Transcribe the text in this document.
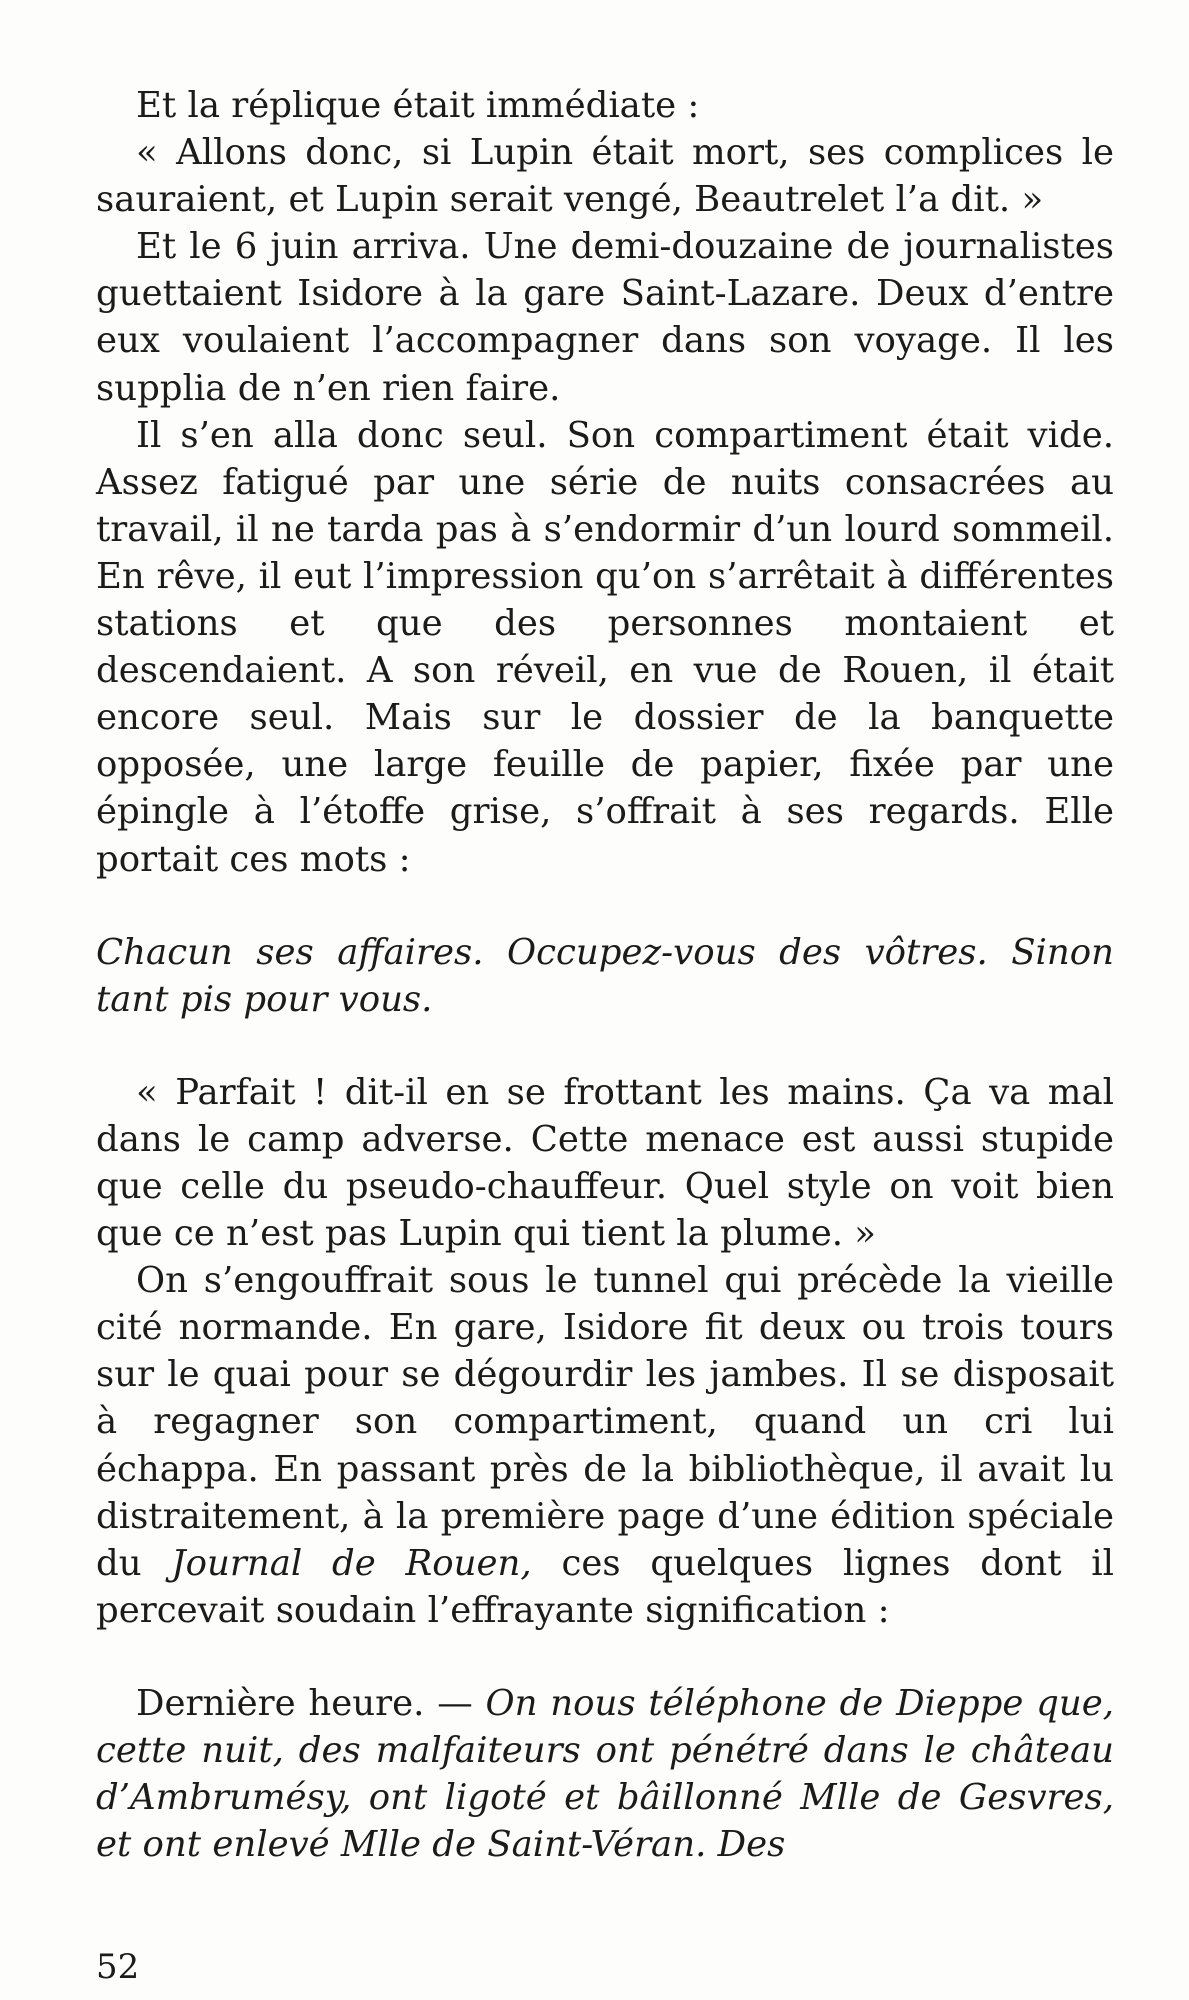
Et la réplique était immédiate :

« Allons donc, si Lupin était mort, ses complices le sauraient, et Lupin serait vengé, Beautrelet l’a dit. »

Et le 6 juin arriva. Une demi-douzaine de journalistes guettaient Isidore à la gare Saint-Lazare. Deux d’entre eux voulaient l’accompagner dans son voyage. Il les supplia de n’en rien faire.

Il s’en alla donc seul. Son compartiment était vide. Assez fatigué par une série de nuits consacrées au travail, il ne tarda pas à s’endormir d’un lourd sommeil. En rêve, il eut l’impression qu’on s’arrêtait à différentes stations et que des personnes montaient et descendaient. A son réveil, en vue de Rouen, il était encore seul. Mais sur le dossier de la banquette opposée, une large feuille de papier, fixée par une épingle à l’étoffe grise, s’offrait à ses regards. Elle portait ces mots :

Chacun ses affaires. Occupez-vous des vôtres. Sinon tant pis pour vous.

« Parfait ! dit-il en se frottant les mains. Ça va mal dans le camp adverse. Cette menace est aussi stupide que celle du pseudo-chauffeur. Quel style on voit bien que ce n’est pas Lupin qui tient la plume. »

On s’engouffrait sous le tunnel qui précède la vieille cité normande. En gare, Isidore fit deux ou trois tours sur le quai pour se dégourdir les jambes. Il se disposait à regagner son compartiment, quand un cri lui échappa. En passant près de la bibliothèque, il avait lu distraitement, à la première page d’une édition spéciale du Journal de Rouen, ces quelques lignes dont il percevait soudain l’effrayante signification :

Dernière heure. — On nous téléphone de Dieppe que, cette nuit, des malfaiteurs ont pénétré dans le château d’Ambrumésy, ont ligoté et bâillonné Mlle de Gesvres, et ont enlevé Mlle de Saint-Véran. Des

52
